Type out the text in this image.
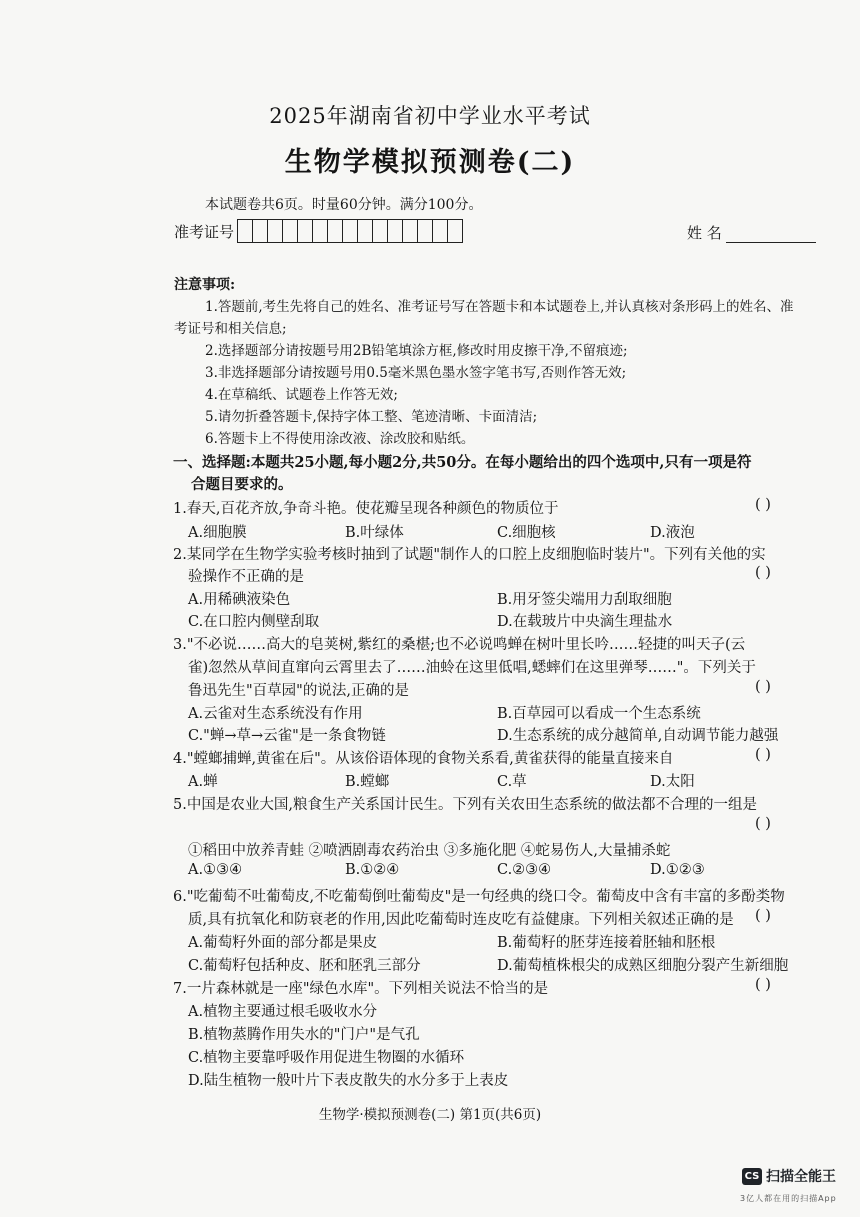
2025年湖南省初中学业水平考试
生物学模拟预测卷(二)
本试题卷共6页。时量60分钟。满分100分。
准考证号	姓 名
注意事项:
1.答题前,考生先将自己的姓名、准考证号写在答题卡和本试题卷上,并认真核对条形码上的姓名、准
考证号和相关信息;
2.选择题部分请按题号用2B铅笔填涂方框,修改时用皮擦干净,不留痕迹;
3.非选择题部分请按题号用0.5毫米黑色墨水签字笔书写,否则作答无效;
4.在草稿纸、试题卷上作答无效;
5.请勿折叠答题卡,保持字体工整、笔迹清晰、卡面清洁;
6.答题卡上不得使用涂改液、涂改胶和贴纸。
一、选择题:本题共25小题,每小题2分,共50分。在每小题给出的四个选项中,只有一项是符
合题目要求的。
1.春天,百花齐放,争奇斗艳。使花瓣呈现各种颜色的物质位于	( )
A.细胞膜	B.叶绿体	C.细胞核	D.液泡
2.某同学在生物学实验考核时抽到了试题"制作人的口腔上皮细胞临时装片"。下列有关他的实
验操作不正确的是	( )
A.用稀碘液染色	B.用牙签尖端用力刮取细胞
C.在口腔内侧壁刮取	D.在载玻片中央滴生理盐水
3."不必说……高大的皂荚树,紫红的桑椹;也不必说鸣蝉在树叶里长吟……轻捷的叫天子(云
雀)忽然从草间直窜向云霄里去了……油蛉在这里低唱,蟋蟀们在这里弹琴……"。下列关于
鲁迅先生"百草园"的说法,正确的是	( )
A.云雀对生态系统没有作用	B.百草园可以看成一个生态系统
C."蝉→草→云雀"是一条食物链	D.生态系统的成分越简单,自动调节能力越强
4."螳螂捕蝉,黄雀在后"。从该俗语体现的食物关系看,黄雀获得的能量直接来自	( )
A.蝉	B.螳螂	C.草	D.太阳
5.中国是农业大国,粮食生产关系国计民生。下列有关农田生态系统的做法都不合理的一组是
( )
①稻田中放养青蛙 ②喷洒剧毒农药治虫 ③多施化肥 ④蛇易伤人,大量捕杀蛇
A.①③④	B.①②④	C.②③④	D.①②③
6."吃葡萄不吐葡萄皮,不吃葡萄倒吐葡萄皮"是一句经典的绕口令。葡萄皮中含有丰富的多酚类物
质,具有抗氧化和防衰老的作用,因此吃葡萄时连皮吃有益健康。下列相关叙述正确的是 ( )
A.葡萄籽外面的部分都是果皮	B.葡萄籽的胚芽连接着胚轴和胚根
C.葡萄籽包括种皮、胚和胚乳三部分	D.葡萄植株根尖的成熟区细胞分裂产生新细胞
7.一片森林就是一座"绿色水库"。下列相关说法不恰当的是	( )
A.植物主要通过根毛吸收水分
B.植物蒸腾作用失水的"门户"是气孔
C.植物主要靠呼吸作用促进生物圈的水循环
D.陆生植物一般叶片下表皮散失的水分多于上表皮
生物学·模拟预测卷(二) 第1页(共6页)
CS 扫描全能王
3亿人都在用的扫描App
